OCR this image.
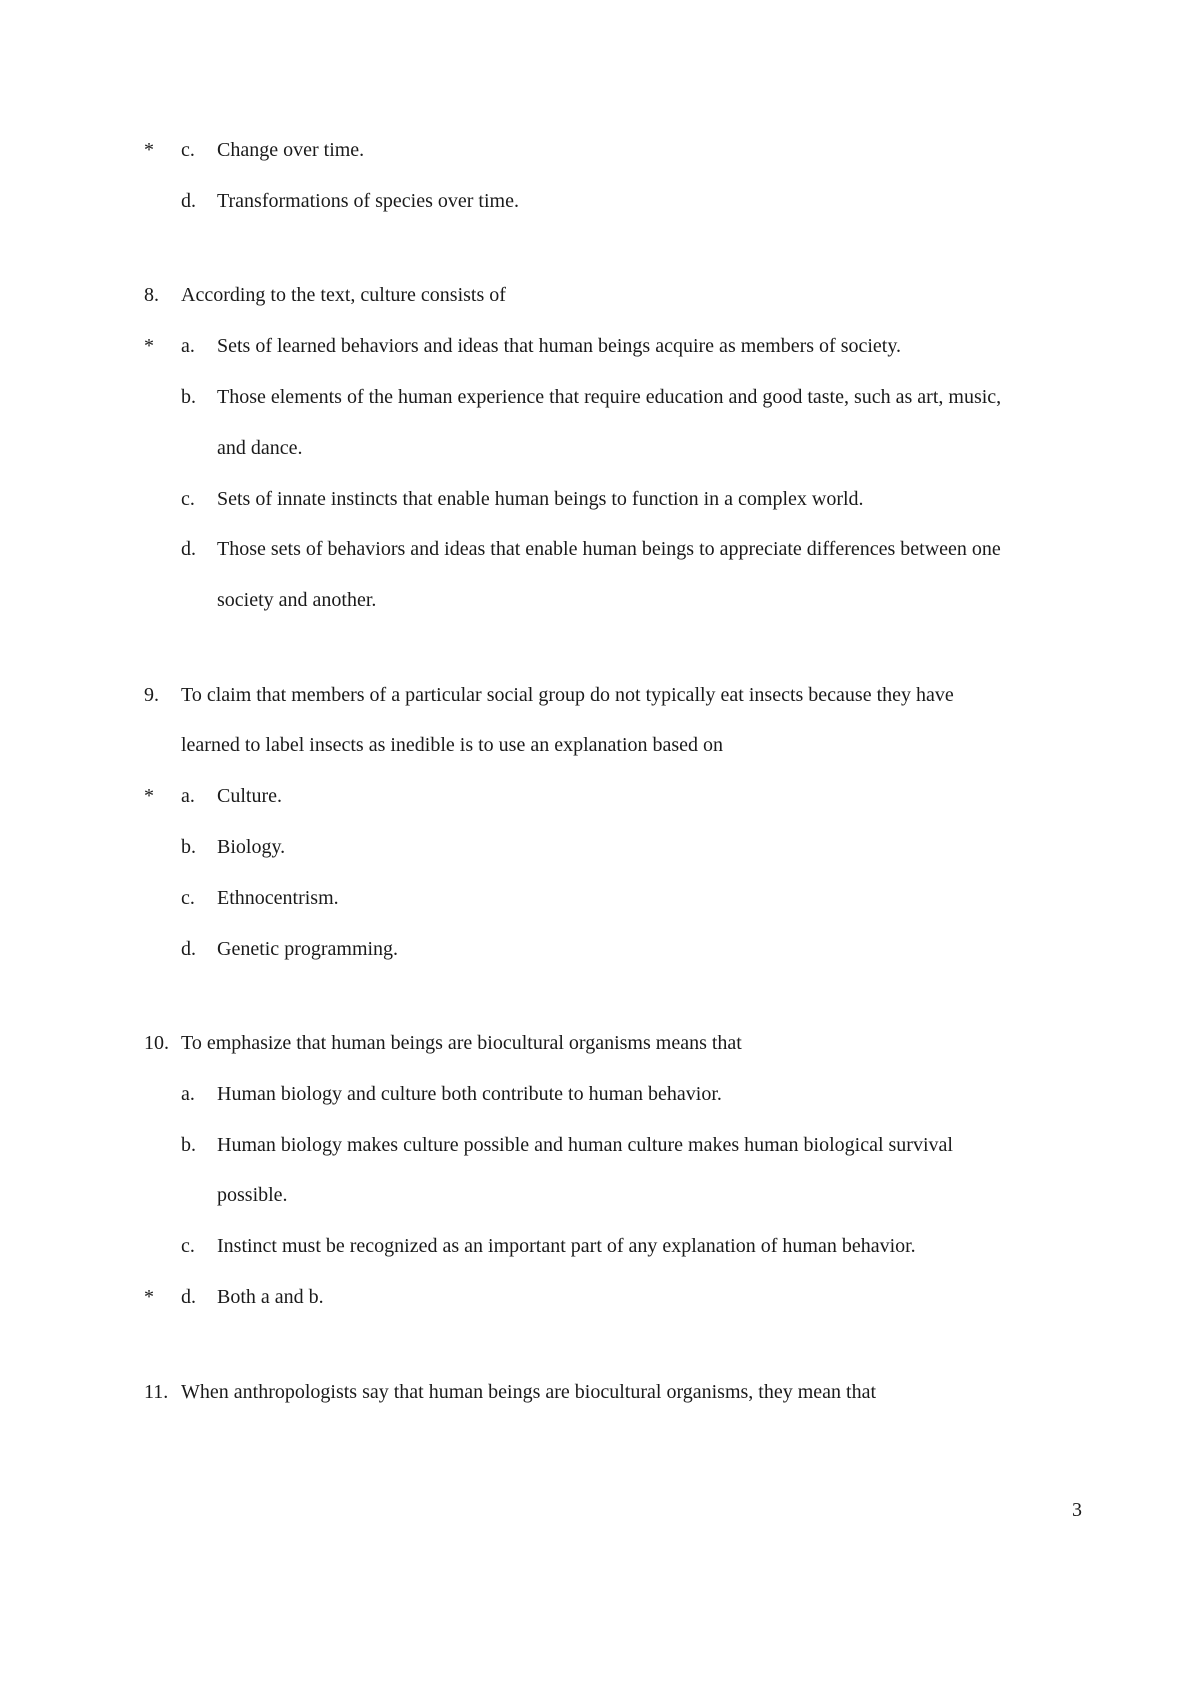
3
*	c. Change over time.
d. Transformations of species over time.
8. According to the text, culture consists of
*	a. Sets of learned behaviors and ideas that human beings acquire as members of society.
b. Those elements of the human experience that require education and good taste, such as art, music,
and dance.
c. Sets of innate instincts that enable human beings to function in a complex world.
d. Those sets of behaviors and ideas that enable human beings to appreciate differences between one
society and another.
9. To claim that members of a particular social group do not typically eat insects because they have
learned to label insects as inedible is to use an explanation based on
*	a. Culture.
b. Biology.
c. Ethnocentrism.
d. Genetic programming.
10. To emphasize that human beings are biocultural organisms means that
a. Human biology and culture both contribute to human behavior.
b. Human biology makes culture possible and human culture makes human biological survival
possible.
c. Instinct must be recognized as an important part of any explanation of human behavior.
*	d. Both a and b.
11. When anthropologists say that human beings are biocultural organisms, they mean that
